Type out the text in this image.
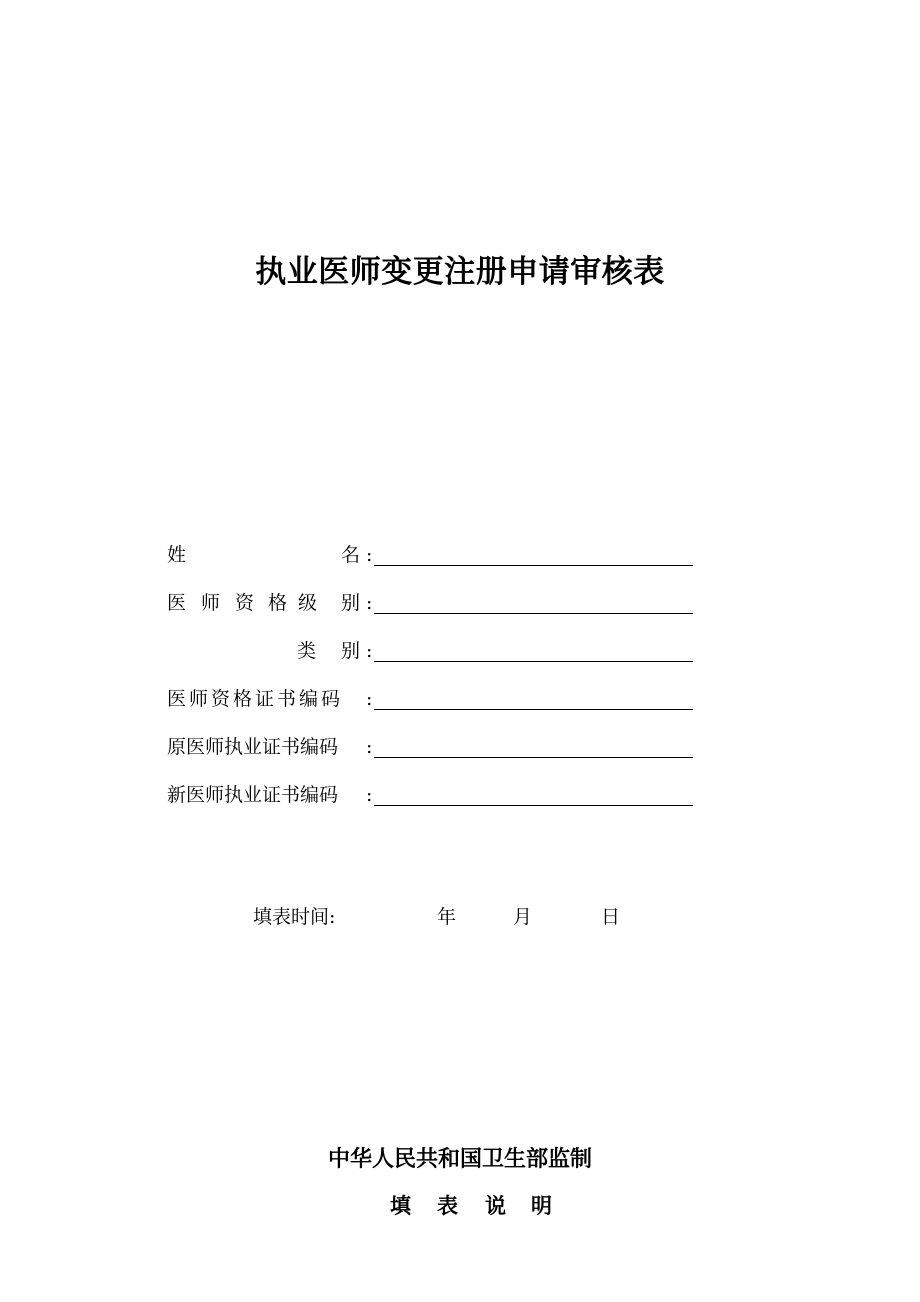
执业医师变更注册申请审核表
姓	名 :
医 师 资 格 级 别 :
类 别 :
医师资格证书编码 :
原医师执业证书编码 :
新医师执业证书编码 :
填表时间:	年	月	日
中华人民共和国卫生部监制
填 表 说 明
